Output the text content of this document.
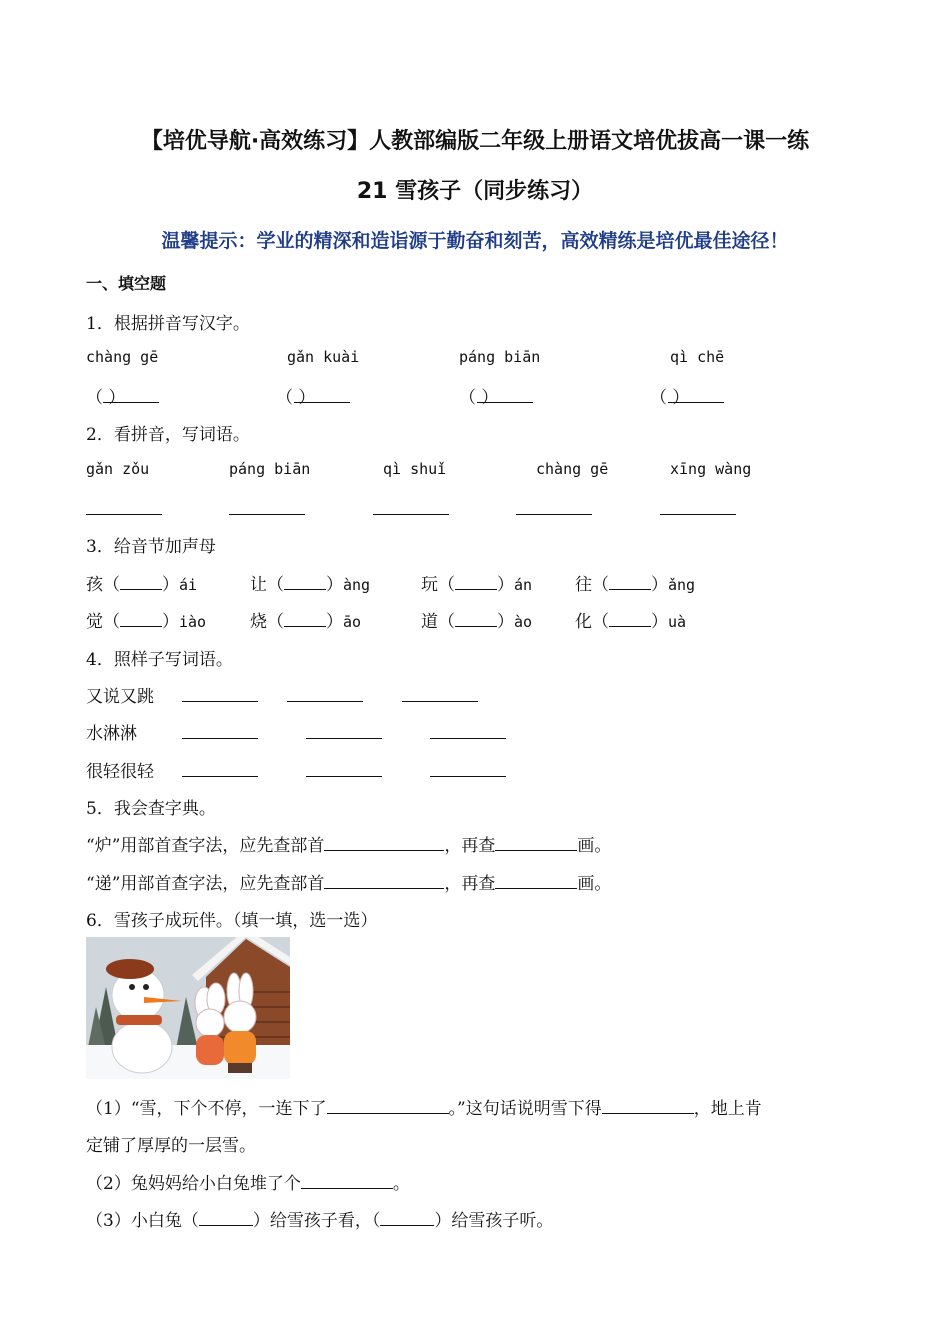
【培优导航·高效练习】人教部编版二年级上册语文培优拔高一课一练
21 雪孩子（同步练习）
温馨提示：学业的精深和造诣源于勤奋和刻苦，高效精练是培优最佳途径！
一、填空题
1．根据拼音写汉字。
chàng gē	gǎn kuài	páng biān	qì chē
（ ）	（ ）	（ ）	（ ）
2．看拼音，写词语。
gǎn zǒu	páng biān	qì shuǐ	chàng gē	xīng wàng
3．给音节加声母
孩（ ）ái	让（ ）àng	玩（ ）án	往（ ）ǎng
觉（ ）iào	烧（ ）āo	道（ ）ào	化（ ）uà
4．照样子写词语。
又说又跳
水淋淋
很轻很轻
5．我会查字典。
“炉”用部首查字法，应先查部首	，再查	画。
“递”用部首查字法，应先查部首	，再查	画。
6．雪孩子成玩伴。（填一填，选一选）
（1）“雪，下个不停，一连下了	。”这句话说明雪下得	，地上肯
定铺了厚厚的一层雪。
（2）兔妈妈给小白兔堆了个	。
（3）小白兔（	）给雪孩子看，（	）给雪孩子听。
